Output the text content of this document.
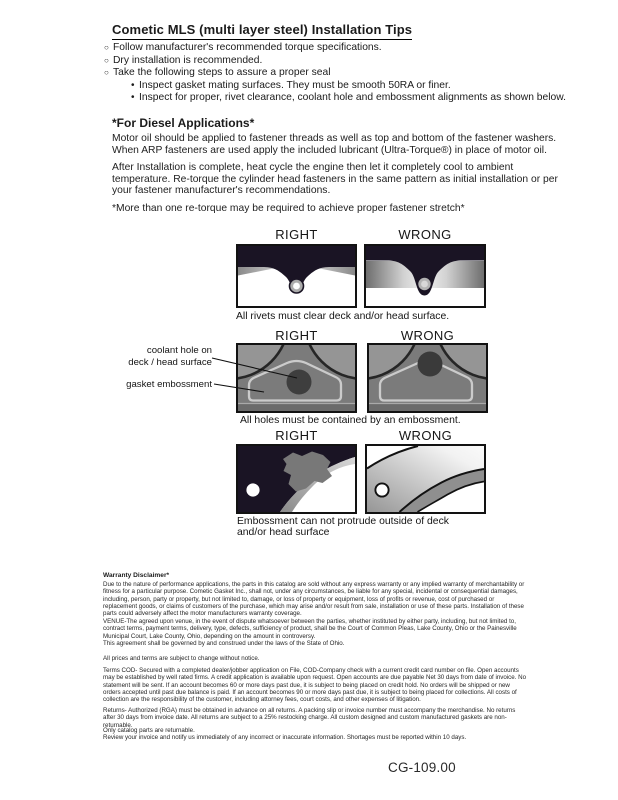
Cometic MLS (multi layer steel) Installation Tips
○ Follow manufacturer's recommended torque specifications.
○ Dry installation is recommended.
○ Take the following steps to assure a proper seal
• Inspect gasket mating surfaces. They must be smooth 50RA or finer.
• Inspect for proper, rivet clearance, coolant hole and embossment alignments as shown below.
*For Diesel Applications*
Motor oil should be applied to fastener threads as well as top and bottom of the fastener washers. When ARP fasteners are used apply the included lubricant (Ultra-Torque®) in place of motor oil.
After Installation is complete, heat cycle the engine then let it completely cool to ambient temperature. Re-torque the cylinder head fasteners in the same pattern as initial installation or per your fastener manufacturer's recommendations.
*More than one re-torque may be required to achieve proper fastener stretch*
RIGHT	WRONG
All rivets must clear deck and/or head surface.
RIGHT	WRONG
coolant hole on
deck / head surface
gasket embossment
All holes must be contained by an embossment.
RIGHT	WRONG
Embossment can not protrude outside of deck
and/or head surface
Warranty Disclaimer*
Due to the nature of performance applications, the parts in this catalog are sold without any express warranty or any implied warranty of merchantability or fitness for a particular purpose. Cometic Gasket Inc., shall not, under any circumstances, be liable for any special, incidental or consequential damages, including, person, party or property, but not limited to, damage, or loss of property or equipment, loss of profits or revenue, cost of purchased or replacement goods, or claims of customers of the purchase, which may arise and/or result from sale, installation or use of these parts. Installation of these parts could adversely affect the motor manufacturers warranty coverage.
VENUE-The agreed upon venue, in the event of dispute whatsoever between the parties, whether instituted by either party, including, but not limited to, contract terms, payment terms, delivery, type, defects, sufficiency of product, shall be the Court of Common Pleas, Lake County, Ohio or the Painesville Municipal Court, Lake County, Ohio, depending on the amount in controversy.
This agreement shall be governed by and construed under the laws of the State of Ohio.
All prices and terms are subject to change without notice.
Terms COD- Secured with a completed dealer/jobber application on File, COD-Company check with a current credit card number on file. Open accounts may be established by well rated firms. A credit application is available upon request. Open accounts are due payable Net 30 days from date of invoice. No statement will be sent. If an account becomes 60 or more days past due, it is subject to being placed on credit hold. No orders will be shipped or new orders accepted until past due balance is paid. If an account becomes 90 or more days past due, it is subject to being placed for collections. All costs of collection are the responsibility of the customer, including attorney fees, court costs, and other expenses of litigation.
Returns- Authorized (RGA) must be obtained in advance on all returns. A packing slip or invoice number must accompany the merchandise. No returns after 30 days from invoice date. All returns are subject to a 25% restocking charge. All custom designed and custom manufactured gaskets are non-returnable.
Only catalog parts are returnable.
Review your invoice and notify us immediately of any incorrect or inaccurate information. Shortages must be reported within 10 days.
CG-109.00
